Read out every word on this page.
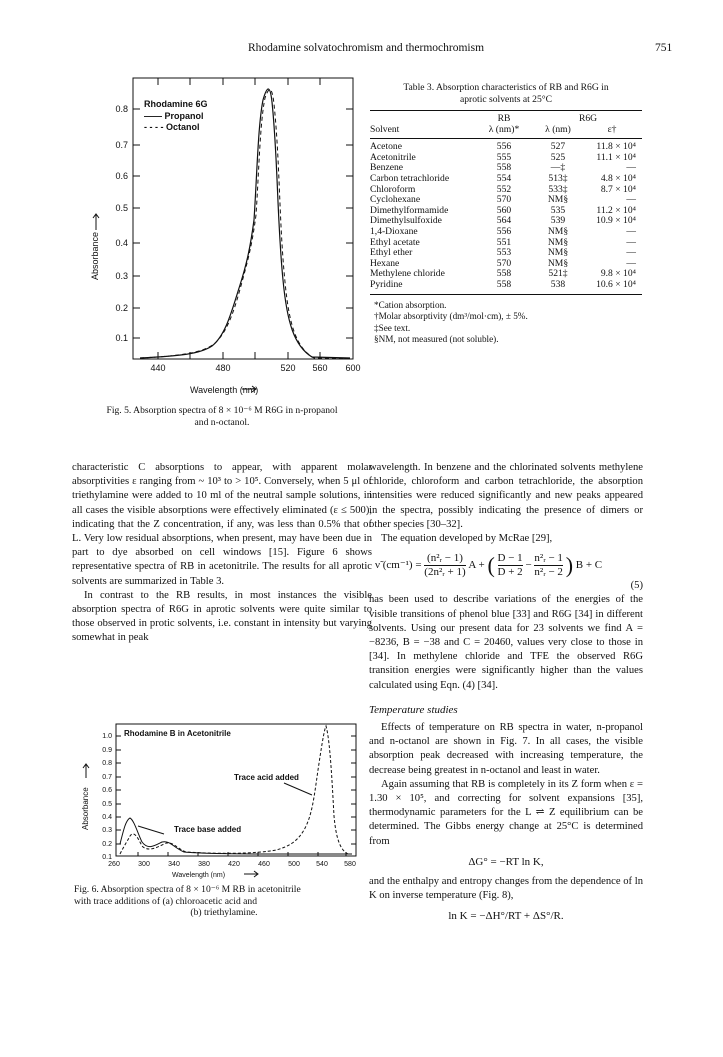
Rhodamine solvatochromism and thermochromism	751
0.8
0.7
0.6
0.5
0.4
0.3
0.2
0.1
440	480	520 560 600
Rhodamine 6G
—— Propanol
- - - - Octanol
Wavelength (nm)
Absorbance
Fig. 5. Absorption spectra of 8 × 10⁻⁶ M R6G in n-propanol
and n-octanol.

characteristic C absorptions to appear, with apparent molar absorptivities ε ranging from ~ 10³ to > 10⁵. Conversely, when 5 μl of triethylamine were added to 10 ml of the neutral sample solutions, in all cases the visible absorptions were effectively eliminated (ε ≤ 500), indicating that the Z concentration, if any, was less than 0.5% that of L. Very low residual absorptions, when present, may have been due in part to dye absorbed on cell windows [15]. Figure 6 shows representative spectra of RB in acetonitrile. The results for all aprotic solvents are summarized in Table 3.

In contrast to the RB results, in most instances the visible absorption spectra of R6G in aprotic solvents were quite similar to those observed in protic solvents, i.e. constant in intensity but varying somewhat in peak

1.0
0.9
0.8
0.7
0.6
0.5
0.4
0.3
0.2
0.1
260	300	340	380	420	460	500 540 580
Wavelength (nm)
Rhodamine B in Acetonitrile
Trace acid added
Trace base added
Absorbance
Fig. 6. Absorption spectra of 8 × 10⁻⁶ M RB in acetonitrile
with trace additions of (a) chloroacetic acid and
(b) triethylamine.
Table 3. Absorption characteristics of RB and R6G in
aprotic solvents at 25°C
	RB	R6G	
Solvent	λ (nm)*	λ (nm)	ε†
Acetone	556	527	11.8 × 10⁴
Acetonitrile	555	525	11.1 × 10⁴
Benzene	558	—‡	—
Carbon tetrachloride	554	513‡	4.8 × 10⁴
Chloroform	552	533‡	8.7 × 10⁴
Cyclohexane	570	NM§	—
Dimethylformamide	560	535	11.2 × 10⁴
Dimethylsulfoxide	564	539	10.9 × 10⁴
1,4-Dioxane	556	NM§	—
Ethyl acetate	551	NM§	—
Ethyl ether	553	NM§	—
Hexane	570	NM§	—
Methylene chloride	558	521‡	9.8 × 10⁴
Pyridine	558	538	10.6 × 10⁴
*Cation absorption.
†Molar absorptivity (dm³/mol·cm), ± 5%.
‡See text.
§NM, not measured (not soluble).

wavelength. In benzene and the chlorinated solvents methylene chloride, chloroform and carbon tetrachloride, the absorption intensities were reduced significantly and new peaks appeared in the spectra, possibly indicating the presence of dimers or other species [30–32].

The equation developed by McRae [29],

ν̃ $(cm^{-1}) = \frac{\text{(n²ᵣ − 1)}}{\text{(2n²ᵣ + 1)}}$ A + ( $\frac{D - 1}{D + 2} - \frac{\text{n²ᵣ − 1}}{\text{n²ᵣ − 2}}$ ) B + C
(5)

has been used to describe variations of the energies of the visible transitions of phenol blue [33] and R6G [34] in different solvents. Using our present data for 23 solvents we find A = −8236, B = −38 and C = 20460, values very close to those in [34]. In methylene chloride and TFE the observed R6G transition energies were significantly higher than the values calculated using Eqn. (4) [34].

Temperature studies

Effects of temperature on RB spectra in water, n-propanol and n-octanol are shown in Fig. 7. In all cases, the visible absorption peak decreased with increasing temperature, the decrease being greatest in n-octanol and least in water.

Again assuming that RB is completely in its Z form when ε = 1.30 × 10⁵, and correcting for solvent expansions [35], thermodynamic parameters for the L ⇌ Z equilibrium can be determined. The Gibbs energy change at 25°C is determined from

ΔG° = −RT ln K,

and the enthalpy and entropy changes from the dependence of ln K on inverse temperature (Fig. 8),

ln K = −ΔH°/RT + ΔS°/R.
